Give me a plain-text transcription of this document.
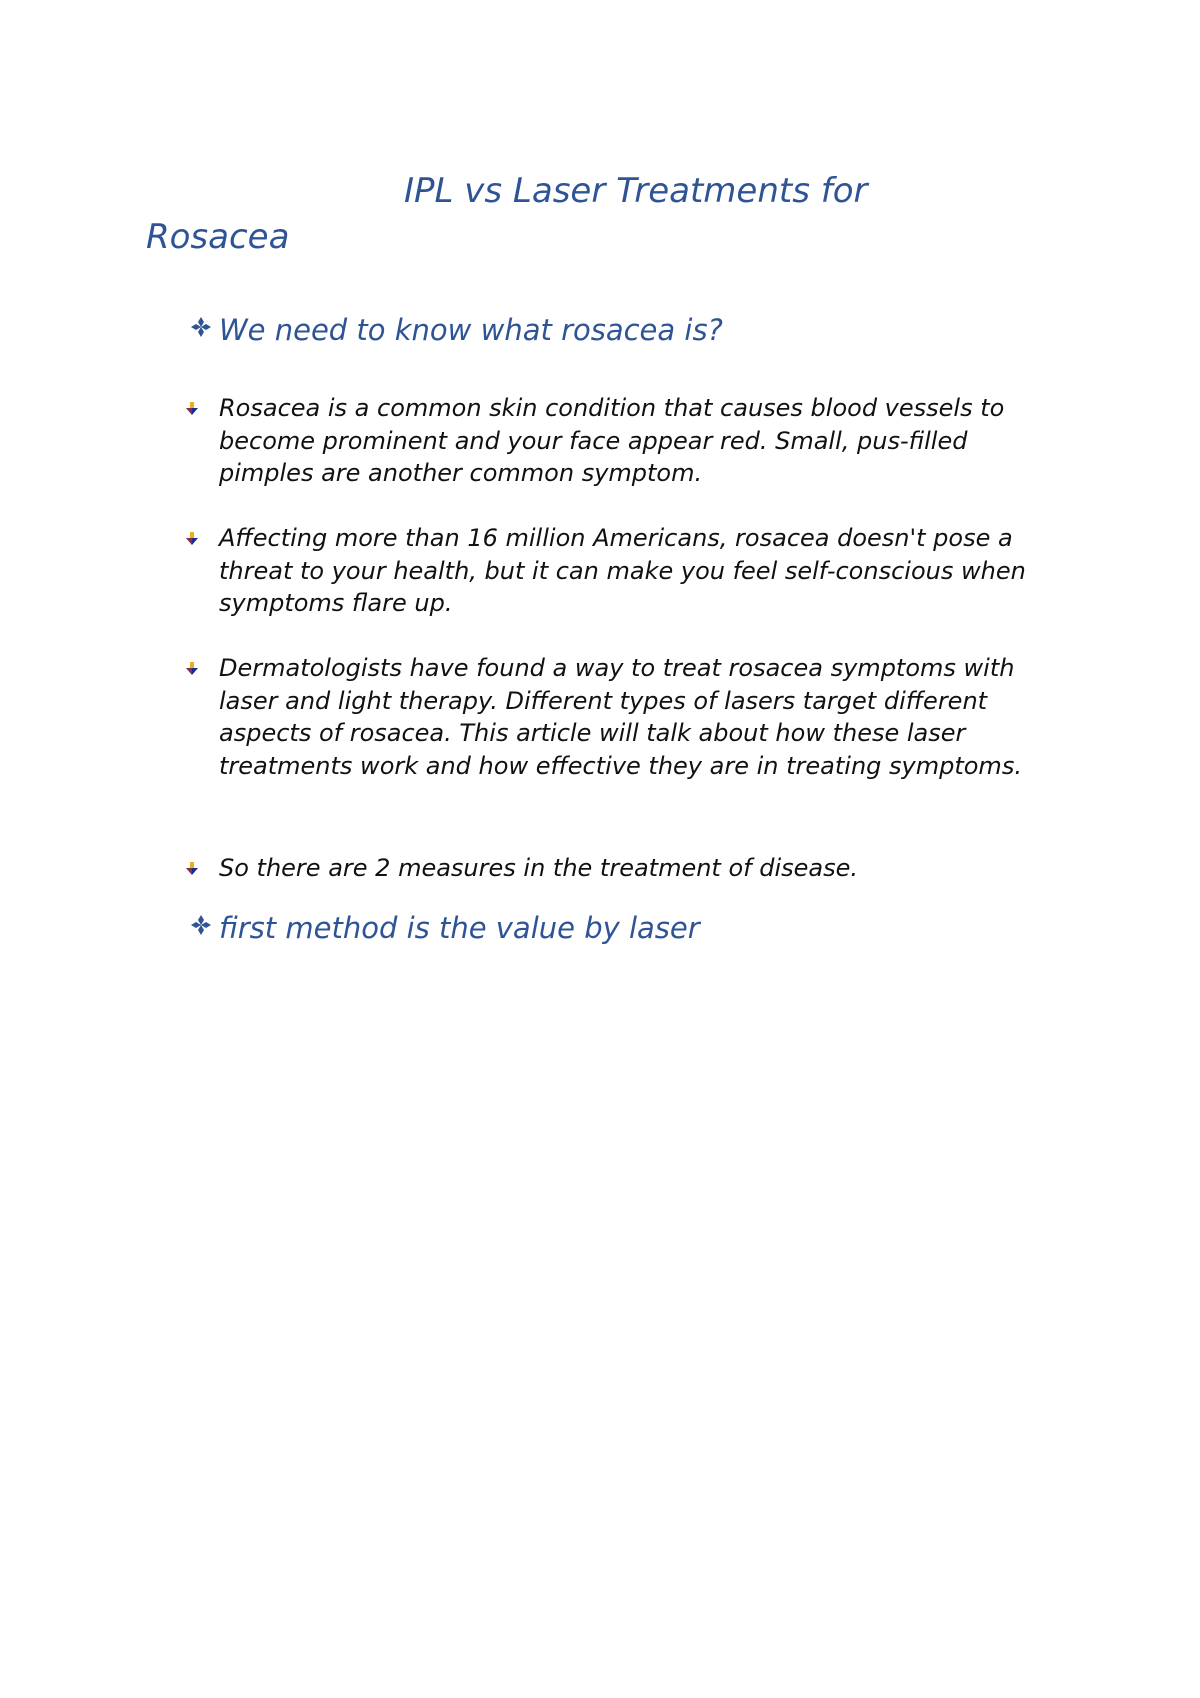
IPL vs Laser Treatments for Rosacea
We need to know what rosacea is?
Rosacea is a common skin condition that causes blood vessels to become prominent and your face appear red. Small, pus-filled pimples are another common symptom.
Affecting more than 16 million Americans, rosacea doesn't pose a threat to your health, but it can make you feel self-conscious when symptoms flare up.
Dermatologists have found a way to treat rosacea symptoms with laser and light therapy. Different types of lasers target different aspects of rosacea. This article will talk about how these laser treatments work and how effective they are in treating symptoms.
So there are 2 measures in the treatment of disease.
first method is the value by laser
